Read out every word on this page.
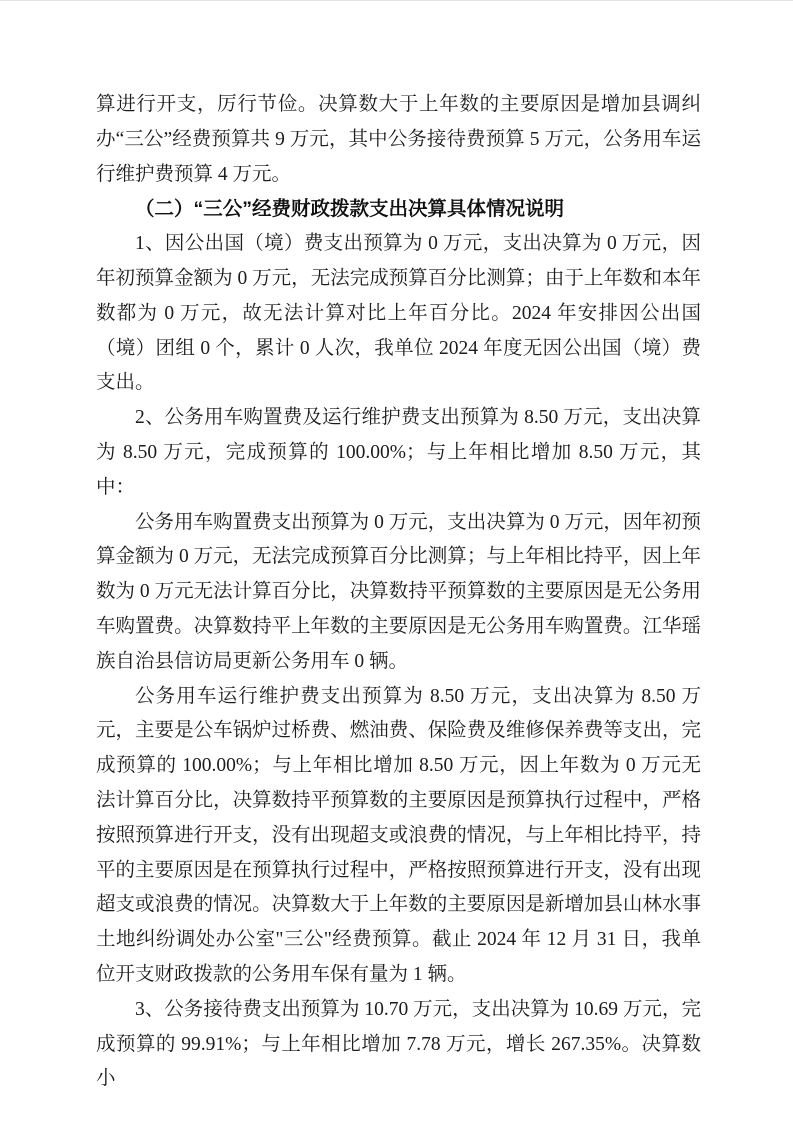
算进行开支，厉行节俭。决算数大于上年数的主要原因是增加县调纠办“三公”经费预算共 9 万元，其中公务接待费预算 5 万元，公务用车运行维护费预算 4 万元。

（二）“三公”经费财政拨款支出决算具体情况说明

1、因公出国（境）费支出预算为 0 万元，支出决算为 0 万元，因年初预算金额为 0 万元，无法完成预算百分比测算；由于上年数和本年数都为 0 万元，故无法计算对比上年百分比。2024 年安排因公出国（境）团组 0 个，累计 0 人次，我单位 2024 年度无因公出国（境）费支出。

2、公务用车购置费及运行维护费支出预算为 8.50 万元，支出决算为 8.50 万元，完成预算的 100.00%；与上年相比增加 8.50 万元，其中：

公务用车购置费支出预算为 0 万元，支出决算为 0 万元，因年初预算金额为 0 万元，无法完成预算百分比测算；与上年相比持平，因上年数为 0 万元无法计算百分比，决算数持平预算数的主要原因是无公务用车购置费。决算数持平上年数的主要原因是无公务用车购置费。江华瑶族自治县信访局更新公务用车 0 辆。

公务用车运行维护费支出预算为 8.50 万元，支出决算为 8.50 万元，主要是公车锅炉过桥费、燃油费、保险费及维修保养费等支出，完成预算的 100.00%；与上年相比增加 8.50 万元，因上年数为 0 万元无法计算百分比，决算数持平预算数的主要原因是预算执行过程中，严格按照预算进行开支，没有出现超支或浪费的情况，与上年相比持平，持平的主要原因是在预算执行过程中，严格按照预算进行开支，没有出现超支或浪费的情况。决算数大于上年数的主要原因是新增加县山林水事土地纠纷调处办公室"三公"经费预算。截止 2024 年 12 月 31 日，我单位开支财政拨款的公务用车保有量为 1 辆。

3、公务接待费支出预算为 10.70 万元，支出决算为 10.69 万元，完成预算的 99.91%；与上年相比增加 7.78 万元，增长 267.35%。决算数小
